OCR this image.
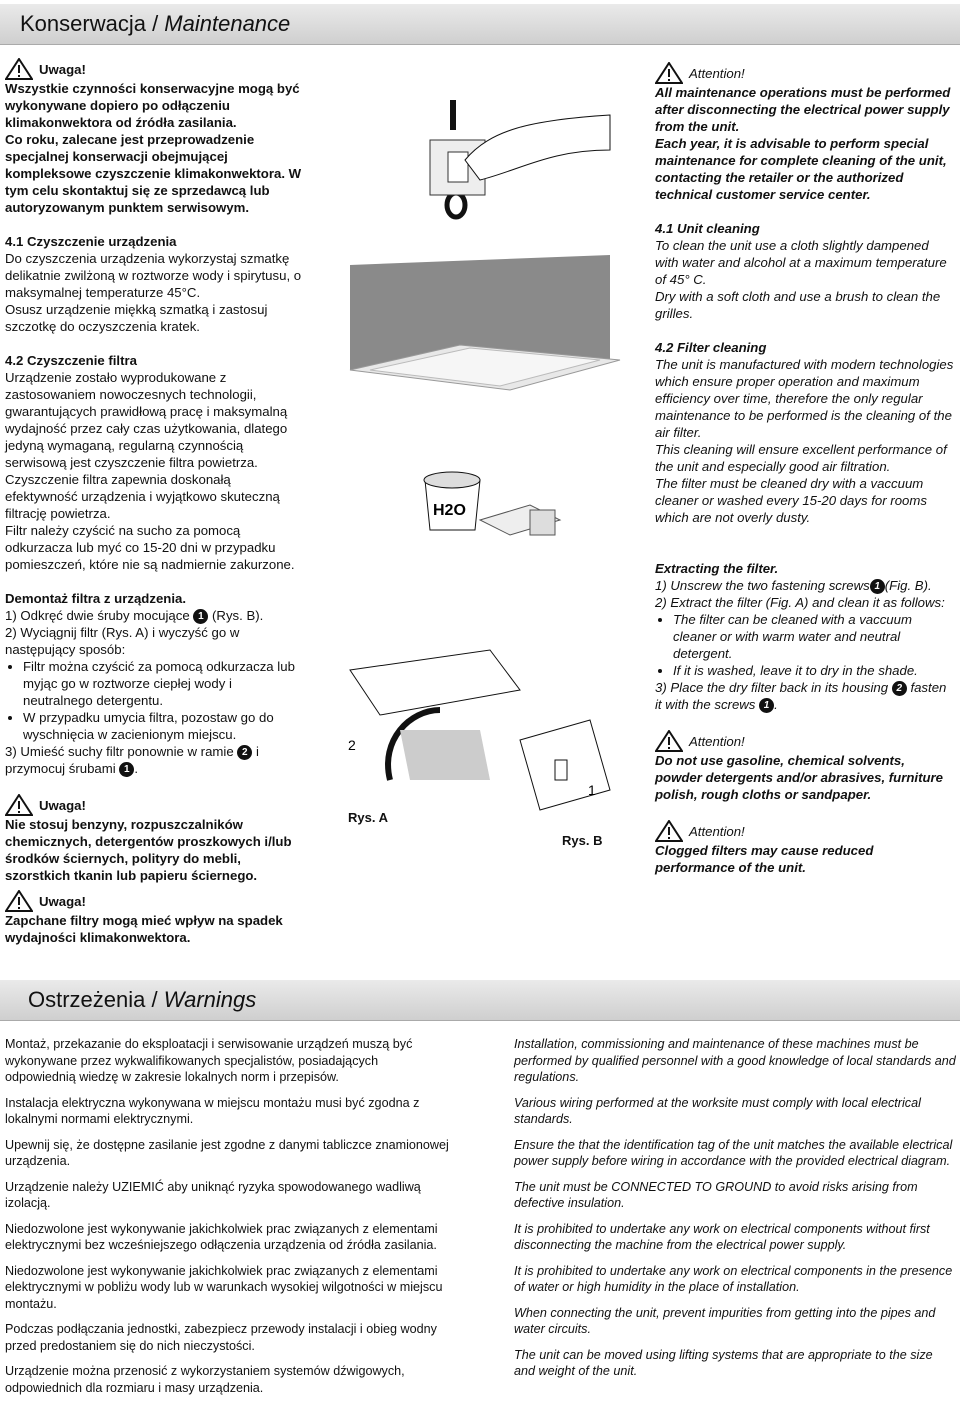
Konserwacja / Maintenance
Uwaga!

Wszystkie czynności konserwacyjne mogą być wykonywane dopiero po odłączeniu klimakonwektora od źródła zasilania.

Co roku, zalecane jest przeprowadzenie specjalnej konserwacji obejmującej kompleksowe czyszczenie klimakonwektora. W tym celu skontaktuj się ze sprzedawcą lub autoryzowanym punktem serwisowym.

4.1 Czyszczenie urządzenia

Do czyszczenia urządzenia wykorzystaj szmatkę delikatnie zwilżoną w roztworze wody i spirytusu, o maksymalnej temperaturze 45°C.

Osusz urządzenie miękką szmatką i zastosuj szczotkę do oczyszczenia kratek.

4.2 Czyszczenie filtra

Urządzenie zostało wyprodukowane z zastosowaniem nowoczesnych technologii, gwarantujących prawidłową pracę i maksymalną wydajność przez cały czas użytkowania, dlatego jedyną wymaganą, regularną czynnością serwisową jest czyszczenie filtra powietrza.

Czyszczenie filtra zapewnia doskonałą efektywność urządzenia i wyjątkowo skuteczną filtrację powietrza.

Filtr należy czyścić na sucho za pomocą odkurzacza lub myć co 15-20 dni w przypadku pomieszczeń, które nie są nadmiernie zakurzone.

Demontaż filtra z urządzenia.

1) Odkręć dwie śruby mocujące 1 (Rys. B).

2) Wyciągnij filtr (Rys. A) i wyczyść go w następujący sposób:

• Filtr można czyścić za pomocą odkurzacza lub myjąc go w roztworze ciepłej wody i neutralnego detergentu.
• W przypadku umycia filtra, pozostaw go do wyschnięcia w zacienionym miejscu.

3) Umieść suchy filtr ponownie w ramie 2 i przymocuj śrubami 1 .

Uwaga!

Nie stosuj benzyny, rozpuszczalników chemicznych, detergentów proszkowych i/lub środków ściernych, polityry do mebli, szorstkich tkanin lub papieru ściernego.

Uwaga!

Zapchane filtry mogą mieć wpływ na spadek wydajności klimakonwektora.

H2O
2
1
Rys. A
Rys. B
Attention!

All maintenance operations must be performed after disconnecting the electrical power supply from the unit.

Each year, it is advisable to perform special maintenance for complete cleaning of the unit, contacting the retailer or the authorized technical customer service center.

4.1 Unit cleaning

To clean the unit use a cloth slightly dampened with water and alcohol at a maximum temperature of 45° C.

Dry with a soft cloth and use a brush to clean the grilles.

4.2 Filter cleaning

The unit is manufactured with modern technologies which ensure proper operation and maximum efficiency over time, therefore the only regular maintenance to be performed is the cleaning of the air filter.

This cleaning will ensure excellent performance of the unit and especially good air filtration.

The filter must be cleaned dry with a vaccuum cleaner or washed every 15-20 days for rooms which are not overly dusty.

Extracting the filter.

1) Unscrew the two fastening screws 1 (Fig. B).

2) Extract the filter (Fig. A) and clean it as follows:

• The filter can be cleaned with a vaccuum cleaner or with warm water and neutral detergent.
• If it is washed, leave it to dry in the shade.

3) Place the dry filter back in its housing 2 fasten it with the screws 1 .

Attention!

Do not use gasoline, chemical solvents, powder detergents and/or abrasives, furniture polish, rough cloths or sandpaper.

Attention!

Clogged filters may cause reduced performance of the unit.

Ostrzeżenia / Warnings

Montaż, przekazanie do eksploatacji i serwisowanie urządzeń muszą być wykonywane przez wykwalifikowanych specjalistów, posiadających odpowiednią wiedzę w zakresie lokalnych norm i przepisów.

Instalacja elektryczna wykonywana w miejscu montażu musi być zgodna z lokalnymi normami elektrycznymi.

Upewnij się, że dostępne zasilanie jest zgodne z danymi tabliczce znamionowej urządzenia.

Urządzenie należy UZIEMIĆ aby uniknąć ryzyka spowodowanego wadliwą izolacją.

Niedozwolone jest wykonywanie jakichkolwiek prac związanych z elementami elektrycznymi bez wcześniejszego odłączenia urządzenia od źródła zasilania.

Niedozwolone jest wykonywanie jakichkolwiek prac związanych z elementami elektrycznymi w pobliżu wody lub w warunkach wysokiej wilgotności w miejscu montażu.

Podczas podłączania jednostki, zabezpiecz przewody instalacji i obieg wodny przed predostaniem się do nich nieczystości.

Urządzenie można przenosić z wykorzystaniem systemów dźwigowych, odpowiednich dla rozmiaru i masy urządzenia.

Installation, commissioning and maintenance of these machines must be performed by qualified personnel with a good knowledge of local standards and regulations.

Various wiring performed at the worksite must comply with local electrical standards.

Ensure the that the identification tag of the unit matches the available electrical power supply before wiring in accordance with the provided electrical diagram.

The unit must be CONNECTED TO GROUND to avoid risks arising from defective insulation.

It is prohibited to undertake any work on electrical components without first disconnecting the machine from the electrical power supply.

It is prohibited to undertake any work on electrical components in the presence of water or high humidity in the place of installation.

When connecting the unit, prevent impurities from getting into the pipes and water circuits.

The unit can be moved using lifting systems that are appropriate to the size and weight of the unit.
